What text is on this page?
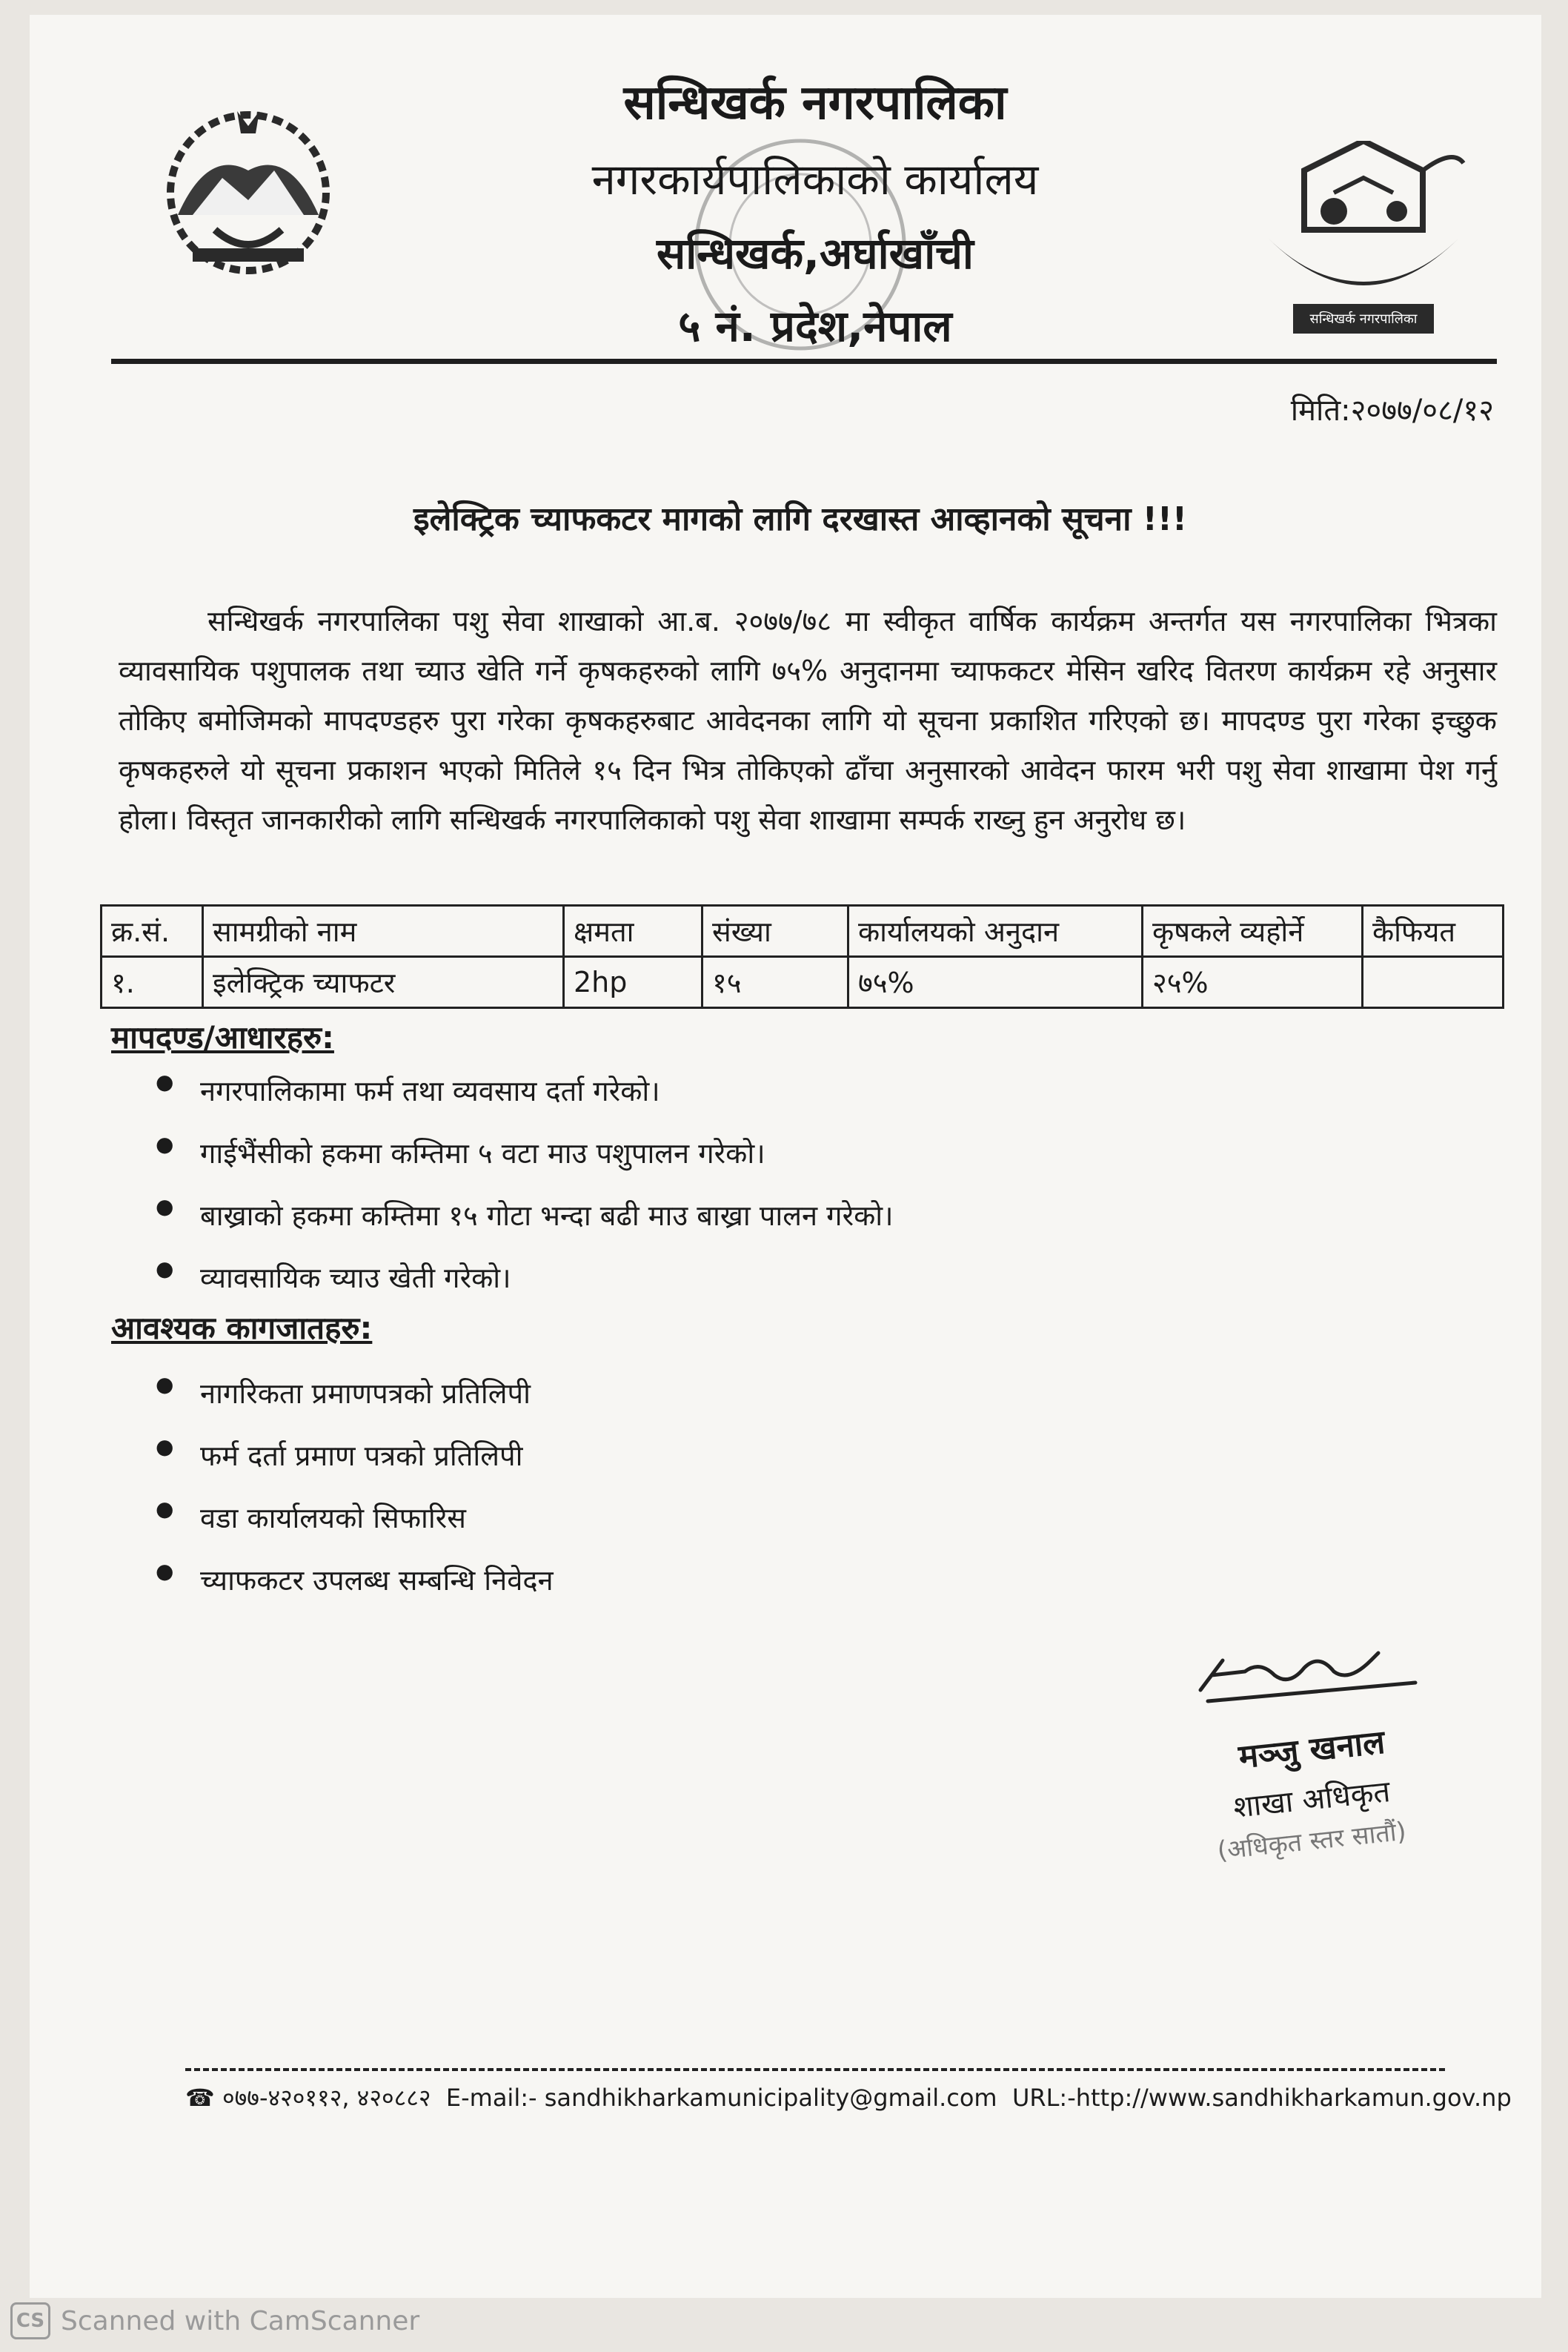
सन्धिखर्क नगरपालिका
सन्धिखर्क नगरपालिका
नगरकार्यपालिकाको कार्यालय
सन्धिखर्क,अर्घाखाँची
५ नं. प्रदेश,नेपाल
मिति:२०७७/०८/१२
इलेक्ट्रिक च्याफकटर मागको लागि दरखास्त आव्हानको सूचना !!!
सन्धिखर्क नगरपालिका पशु सेवा शाखाको आ.ब. २०७७/७८ मा स्वीकृत वार्षिक कार्यक्रम अन्तर्गत यस नगरपालिका भित्रका व्यावसायिक पशुपालक तथा च्याउ खेति गर्ने कृषकहरुको लागि ७५% अनुदानमा च्याफकटर मेसिन खरिद वितरण कार्यक्रम रहे अनुसार तोकिए बमोजिमको मापदण्डहरु पुरा गरेका कृषकहरुबाट आवेदनका लागि यो सूचना प्रकाशित गरिएको छ। मापदण्ड पुरा गरेका इच्छुक कृषकहरुले यो सूचना प्रकाशन भएको मितिले १५ दिन भित्र तोकिएको ढाँचा अनुसारको आवेदन फारम भरी पशु सेवा शाखामा पेश गर्नु होला। विस्तृत जानकारीको लागि सन्धिखर्क नगरपालिकाको पशु सेवा शाखामा सम्पर्क राख्नु हुन अनुरोध छ।
क्र.सं.	सामग्रीको नाम	क्षमता	संख्या	कार्यालयको अनुदान	कृषकले व्यहोर्ने	कैफियत
१.	इलेक्ट्रिक च्याफटर	2hp	१५	७५%	२५%	
मापदण्ड/आधारहरु:
● नगरपालिकामा फर्म तथा व्यवसाय दर्ता गरेको।
● गाईभैंसीको हकमा कम्तिमा ५ वटा माउ पशुपालन गरेको।
● बाख्राको हकमा कम्तिमा १५ गोटा भन्दा बढी माउ बाख्रा पालन गरेको।
● व्यावसायिक च्याउ खेती गरेको।
आवश्यक कागजातहरु:
● नागरिकता प्रमाणपत्रको प्रतिलिपी
● फर्म दर्ता प्रमाण पत्रको प्रतिलिपी
● वडा कार्यालयको सिफारिस
● च्याफकटर उपलब्ध सम्बन्धि निवेदन
मञ्जु खनाल
शाखा अधिकृत
(अधिकृत स्तर सातौं)
☎ ०७७-४२०११२, ४२०८८२ E-mail:- sandhikharkamunicipality@gmail.com URL:-http://www.sandhikharkamun.gov.np
CS Scanned with CamScanner
